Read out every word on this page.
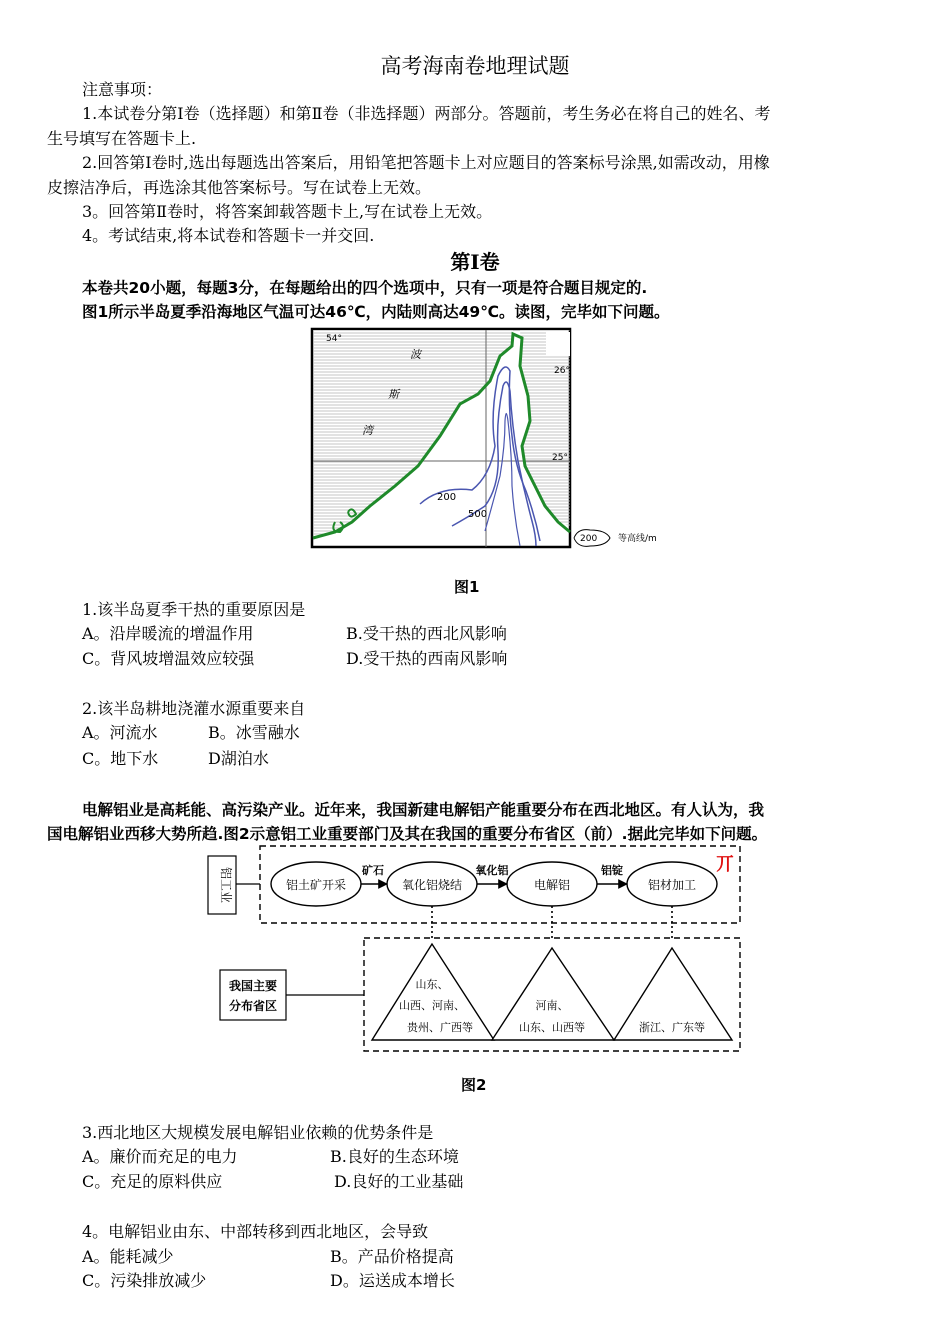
高考海南卷地理试题
注意事项：
1.本试卷分第Ⅰ卷（选择题）和第Ⅱ卷（非选择题）两部分。答题前，考生务必在将自己的姓名、考
生号填写在答题卡上.
2.回答第Ⅰ卷时,选出每题选出答案后，用铅笔把答题卡上对应题目的答案标号涂黑,如需改动，用橡
皮擦洁净后，再选涂其他答案标号。写在试卷上无效。
3。回答第Ⅱ卷时，将答案卸载答题卡上,写在试卷上无效。
4。考试结束,将本试卷和答题卡一并交回.
第Ⅰ卷
本卷共20小题，每题3分，在每题给出的四个选项中，只有一项是符合题目规定的.
图1所示半岛夏季沿海地区气温可达46℃，内陆则高达49℃。读图，完毕如下问题。
54°
26°
25°
波
斯
湾
200
500
200 等高线/m
图1
1.该半岛夏季干热的重要原因是
A。沿岸暖流的增温作用	B.受干热的西北风影响
C。背风坡增温效应较强	D.受干热的西南风影响
2.该半岛耕地浇灌水源重要来自
A。河流水	B。冰雪融水
C。地下水	D湖泊水
电解铝业是高耗能、高污染产业。近年来，我国新建电解铝产能重要分布在西北地区。有人认为，我
国电解铝业西移大势所趋.图2示意铝工业重要部门及其在我国的重要分布省区（前）.据此完毕如下问题。
铝工业	铝土矿开采	氧化铝烧结	电解铝	铝材加工
矿石	氧化铝	铝锭	丌
我国主要
分布省区
山东、
山西、河南、
贵州、广西等
河南、
山东、山西等	浙江、广东等
图2
3.西北地区大规模发展电解铝业依赖的优势条件是
A。廉价而充足的电力	B.良好的生态环境
C。充足的原料供应	D.良好的工业基础
4。电解铝业由东、中部转移到西北地区，会导致
A。能耗减少	B。产品价格提高
C。污染排放减少	D。运送成本增长
